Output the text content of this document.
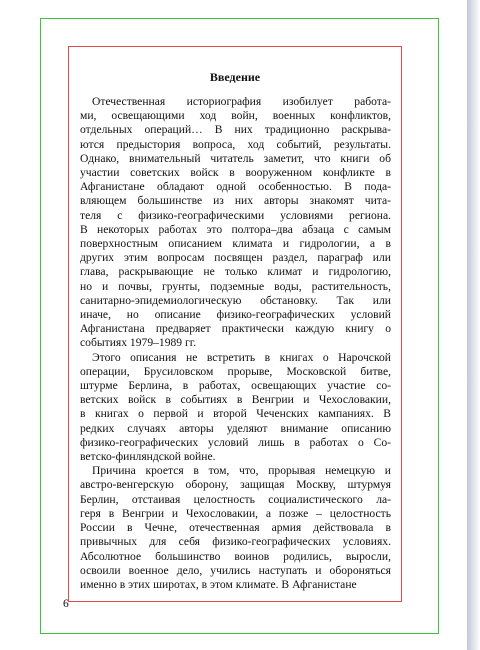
Введение
Отечественная историография изобилует работа-
ми, освещающими ход войн, военных конфликтов,
отдельных операций… В них традиционно раскрыва-
ются предыстория вопроса, ход событий, результаты.
Однако, внимательный читатель заметит, что книги об
участии советских войск в вооруженном конфликте в
Афганистане обладают одной особенностью. В пода-
вляющем большинстве из них авторы знакомят чита-
теля с физико-географическими условиями региона.
В некоторых работах это полтора–два абзаца с самым
поверхностным описанием климата и гидрологии, а в
других этим вопросам посвящен раздел, параграф или
глава, раскрывающие не только климат и гидрологию,
но и почвы, грунты, подземные воды, растительность,
санитарно-эпидемиологическую обстановку. Так или
иначе, но описание физико-географических условий
Афганистана предваряет практически каждую книгу о
событиях 1979–1989 гг.
Этого описания не встретить в книгах о Нарочской
операции, Брусиловском прорыве, Московской битве,
штурме Берлина, в работах, освещающих участие со-
ветских войск в событиях в Венгрии и Чехословакии,
в книгах о первой и второй Чеченских кампаниях. В
редких случаях авторы уделяют внимание описанию
физико-географических условий лишь в работах о Со-
ветско-финляндской войне.
Причина кроется в том, что, прорывая немецкую и
австро-венгерскую оборону, защищая Москву, штурмуя
Берлин, отстаивая целостность социалистического ла-
геря в Венгрии и Чехословакии, а позже – целостность
России в Чечне, отечественная армия действовала в
привычных для себя физико-географических условиях.
Абсолютное большинство воинов родились, выросли,
освоили военное дело, учились наступать и обороняться
именно в этих широтах, в этом климате. В Афганистане
6
